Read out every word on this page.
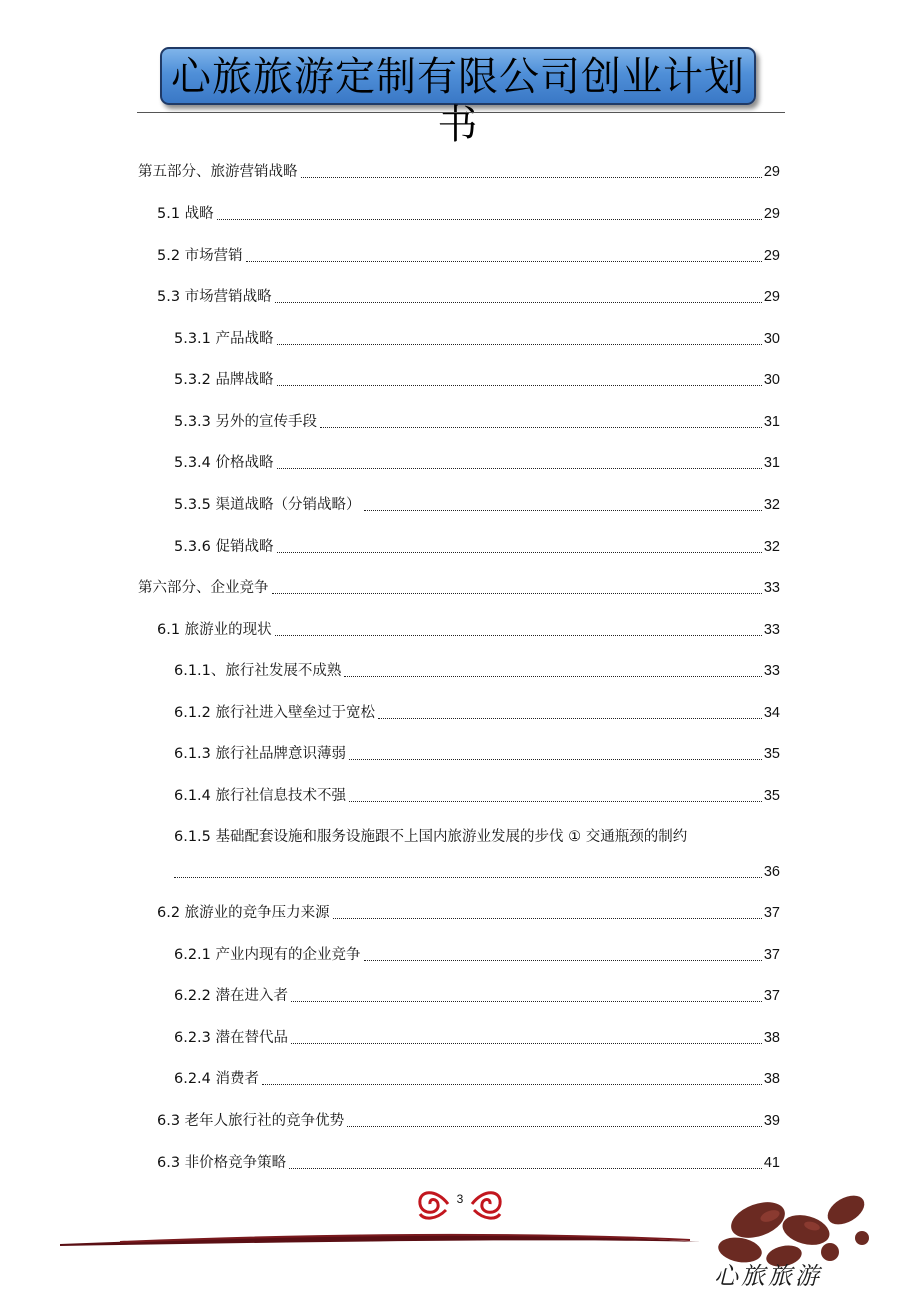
心旅旅游定制有限公司创业计划书
第五部分、旅游营销战略	29
5.1 战略	29
5.2 市场营销	29
5.3 市场营销战略	29
5.3.1 产品战略	30
5.3.2 品牌战略	30
5.3.3 另外的宣传手段	31
5.3.4 价格战略	31
5.3.5 渠道战略（分销战略）	32
5.3.6 促销战略	32
第六部分、企业竞争	33
6.1 旅游业的现状	33
6.1.1、旅行社发展不成熟	33
6.1.2 旅行社进入壁垒过于宽松	34
6.1.3 旅行社品牌意识薄弱	35
6.1.4 旅行社信息技术不强	35
6.1.5 基础配套设施和服务设施跟不上国内旅游业发展的步伐 ① 交通瓶颈的制约
36
6.2 旅游业的竞争压力来源	37
6.2.1 产业内现有的企业竞争	37
6.2.2 潜在进入者	37
6.2.3 潜在替代品	38
6.2.4 消费者	38
6.3 老年人旅行社的竞争优势	39
6.3 非价格竞争策略	41
3
心旅旅游
